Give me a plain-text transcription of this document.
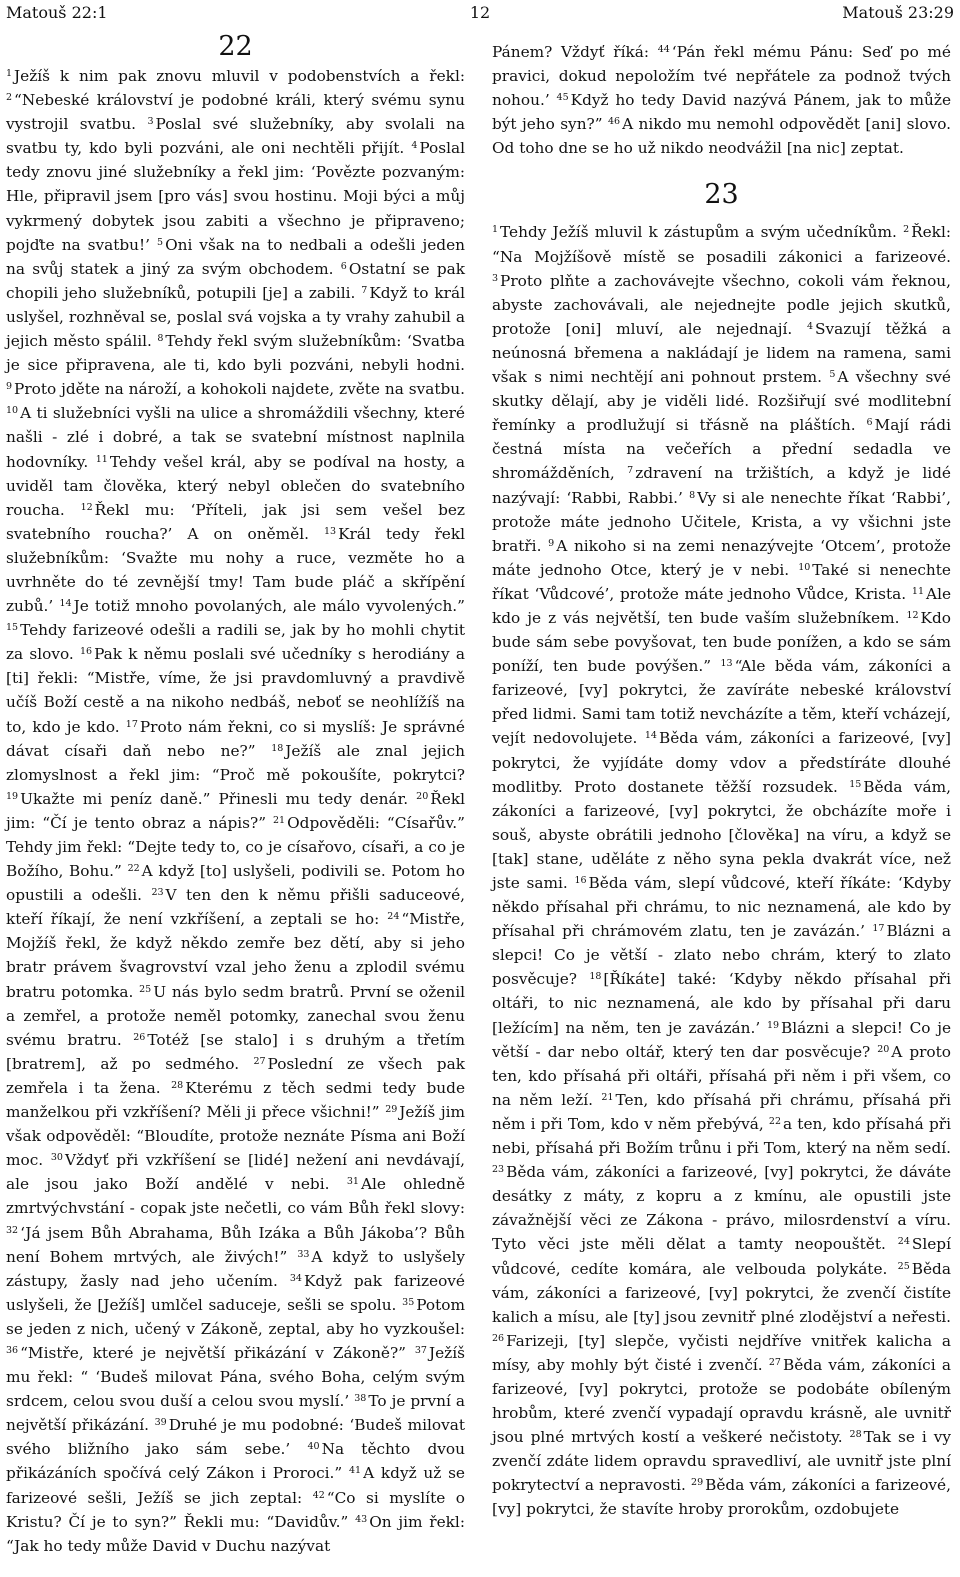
Matouš 22:1	12	Matouš 23:29
22

$^1$ Ježíš k nim pak znovu mluvil v podobenstvích a řekl: $^2$ “Nebeské království je podobné králi, který svému synu vystrojil svatbu. $^3$ Poslal své služebníky, aby svolali na svatbu ty, kdo byli pozváni, ale oni nechtěli přijít. $^4$ Poslal tedy znovu jiné služebníky a řekl jim: ‘Povězte pozvaným: Hle, připravil jsem [pro vás] svou hostinu. Moji býci a můj vykrmený dobytek jsou zabiti a všechno je připraveno; pojďte na svatbu!’ $^5$ Oni však na to nedbali a odešli jeden na svůj statek a jiný za svým obchodem. $^6$ Ostatní se pak chopili jeho služebníků, potupili [je] a zabili. $^7$ Když to král uslyšel, rozhněval se, poslal svá vojska a ty vrahy zahubil a jejich město spálil. $^8$ Tehdy řekl svým služebníkům: ‘Svatba je sice připravena, ale ti, kdo byli pozváni, nebyli hodni. $^9$ Proto jděte na nároží, a kohokoli najdete, zvěte na svatbu. $^{10}$ A ti služebníci vyšli na ulice a shromáždili všechny, které našli - zlé i dobré, a tak se svatební místnost naplnila hodovníky. $^{11}$ Tehdy vešel král, aby se podíval na hosty, a uviděl tam člověka, který nebyl oblečen do svatebního roucha. $^{12}$ Řekl mu: ‘Příteli, jak jsi sem vešel bez svatebního roucha?’ A on oněměl. $^{13}$ Král tedy řekl služebníkům: ‘Svažte mu nohy a ruce, vezměte ho a uvrhněte do té zevnější tmy! Tam bude pláč a skřípění zubů.’ $^{14}$ Je totiž mnoho povolaných, ale málo vyvolených.” $^{15}$ Tehdy farizeové odešli a radili se, jak by ho mohli chytit za slovo. $^{16}$ Pak k němu poslali své učedníky s herodiány a [ti] řekli: “Mistře, víme, že jsi pravdomluvný a pravdivě učíš Boží cestě a na nikoho nedbáš, neboť se neohlížíš na to, kdo je kdo. $^{17}$ Proto nám řekni, co si myslíš: Je správné dávat císaři daň nebo ne?” $^{18}$ Ježíš ale znal jejich zlomyslnost a řekl jim: “Proč mě pokoušíte, pokrytci? $^{19}$ Ukažte mi peníz daně.” Přinesli mu tedy denár. $^{20}$ Řekl jim: “Čí je tento obraz a nápis?” $^{21}$ Odpověděli: “Císařův.” Tehdy jim řekl: “Dejte tedy to, co je císařovo, císaři, a co je Božího, Bohu.” $^{22}$ A když [to] uslyšeli, podivili se. Potom ho opustili a odešli. $^{23}$ V ten den k němu přišli saduceové, kteří říkají, že není vzkříšení, a zeptali se ho: $^{24}$ “Mistře, Mojžíš řekl, že když někdo zemře bez dětí, aby si jeho bratr právem švagrovství vzal jeho ženu a zplodil svému bratru potomka. $^{25}$ U nás bylo sedm bratrů. První se oženil a zemřel, a protože neměl potomky, zanechal svou ženu svému bratru. $^{26}$ Totéž [se stalo] i s druhým a třetím [bratrem], až po sedmého. $^{27}$ Poslední ze všech pak zemřela i ta žena. $^{28}$ Kterému z těch sedmi tedy bude manželkou při vzkříšení? Měli ji přece všichni!” $^{29}$ Ježíš jim však odpověděl: “Bloudíte, protože neznáte Písma ani Boží moc. $^{30}$ Vždyť při vzkříšení se [lidé] nežení ani nevdávají, ale jsou jako Boží andělé v nebi. $^{31}$ Ale ohledně zmrtvýchvstání - copak jste nečetli, co vám Bůh řekl slovy: $^{32}$ ‘Já jsem Bůh Abrahama, Bůh Izáka a Bůh Jákoba’? Bůh není Bohem mrtvých, ale živých!” $^{33}$ A když to uslyšely zástupy, žasly nad jeho učením. $^{34}$ Když pak farizeové uslyšeli, že [Ježíš] umlčel saduceje, sešli se spolu. $^{35}$ Potom se jeden z nich, učený v Zákoně, zeptal, aby ho vyzkoušel: $^{36}$ “Mistře, které je největší přikázání v Zákoně?” $^{37}$ Ježíš mu řekl: “ ‘Budeš milovat Pána, svého Boha, celým svým srdcem, celou svou duší a celou svou myslí.’ $^{38}$ To je první a největší přikázání. $^{39}$ Druhé je mu podobné: ‘Budeš milovat svého bližního jako sám sebe.’ $^{40}$ Na těchto dvou přikázáních spočívá celý Zákon i Proroci.” $^{41}$ A když už se farizeové sešli, Ježíš se jich zeptal: $^{42}$ “Co si myslíte o Kristu? Čí je to syn?” Řekli mu: “Davidův.” $^{43}$ On jim řekl: “Jak ho tedy může David v Duchu nazývat

Pánem? Vždyť říká: $^{44}$ ‘Pán řekl mému Pánu: Seď po mé pravici, dokud nepoložím tvé nepřátele za podnož tvých nohou.’ $^{45}$ Když ho tedy David nazývá Pánem, jak to může být jeho syn?” $^{46}$ A nikdo mu nemohl odpovědět [ani] slovo. Od toho dne se ho už nikdo neodvážil [na nic] zeptat.

23

$^1$ Tehdy Ježíš mluvil k zástupům a svým učedníkům. $^2$ Řekl: “Na Mojžíšově místě se posadili zákonici a farizeové. $^3$ Proto plňte a zachovávejte všechno, cokoli vám řeknou, abyste zachovávali, ale nejednejte podle jejich skutků, protože [oni] mluví, ale nejednají. $^4$ Svazují těžká a neúnosná břemena a nakládají je lidem na ramena, sami však s nimi nechtějí ani pohnout prstem. $^5$ A všechny své skutky dělají, aby je viděli lidé. Rozšiřují své modlitební řemínky a prodlužují si třásně na pláštích. $^6$ Mají rádi čestná místa na večeřích a přední sedadla ve shromážděních, $^7$ zdravení na tržištích, a když je lidé nazývají: ‘Rabbi, Rabbi.’ $^8$ Vy si ale nenechte říkat ‘Rabbi’, protože máte jednoho Učitele, Krista, a vy všichni jste bratři. $^9$ A nikoho si na zemi nenazývejte ‘Otcem’, protože máte jednoho Otce, který je v nebi. $^{10}$ Také si nenechte říkat ‘Vůdcové’, protože máte jednoho Vůdce, Krista. $^{11}$ Ale kdo je z vás největší, ten bude vaším služebníkem. $^{12}$ Kdo bude sám sebe povyšovat, ten bude ponížen, a kdo se sám poníží, ten bude povýšen.” $^{13}$ “Ale běda vám, zákoníci a farizeové, [vy] pokrytci, že zavíráte nebeské království před lidmi. Sami tam totiž nevcházíte a těm, kteří vcházejí, vejít nedovolujete. $^{14}$ Běda vám, zákoníci a farizeové, [vy] pokrytci, že vyjídáte domy vdov a předstíráte dlouhé modlitby. Proto dostanete těžší rozsudek. $^{15}$ Běda vám, zákoníci a farizeové, [vy] pokrytci, že obcházíte moře i souš, abyste obrátili jednoho [člověka] na víru, a když se [tak] stane, uděláte z něho syna pekla dvakrát více, než jste sami. $^{16}$ Běda vám, slepí vůdcové, kteří říkáte: ‘Kdyby někdo přísahal při chrámu, to nic neznamená, ale kdo by přísahal při chrámovém zlatu, ten je zavázán.’ $^{17}$ Blázni a slepci! Co je větší - zlato nebo chrám, který to zlato posvěcuje? $^{18}$ [Říkáte] také: ‘Kdyby někdo přísahal při oltáři, to nic neznamená, ale kdo by přísahal při daru [ležícím] na něm, ten je zavázán.’ $^{19}$ Blázni a slepci! Co je větší - dar nebo oltář, který ten dar posvěcuje? $^{20}$ A proto ten, kdo přísahá při oltáři, přísahá při něm i při všem, co na něm leží. $^{21}$ Ten, kdo přísahá při chrámu, přísahá při něm i při Tom, kdo v něm přebývá, $^{22}$ a ten, kdo přísahá při nebi, přísahá při Božím trůnu i při Tom, který na něm sedí. $^{23}$ Běda vám, zákoníci a farizeové, [vy] pokrytci, že dáváte desátky z máty, z kopru a z kmínu, ale opustili jste závažnější věci ze Zákona - právo, milosrdenství a víru. Tyto věci jste měli dělat a tamty neopouštět. $^{24}$ Slepí vůdcové, cedíte komára, ale velbouda polykáte. $^{25}$ Běda vám, zákoníci a farizeové, [vy] pokrytci, že zvenčí čistíte kalich a mísu, ale [ty] jsou zevnitř plné zlodějství a neřesti. $^{26}$ Farizeji, [ty] slepče, vyčisti nejdříve vnitřek kalicha a mísy, aby mohly být čisté i zvenčí. $^{27}$ Běda vám, zákoníci a farizeové, [vy] pokrytci, protože se podobáte obíleným hrobům, které zvenčí vypadají opravdu krásně, ale uvnitř jsou plné mrtvých kostí a veškeré nečistoty. $^{28}$ Tak se i vy zvenčí zdáte lidem opravdu spravedliví, ale uvnitř jste plní pokrytectví a nepravosti. $^{29}$ Běda vám, zákoníci a farizeové, [vy] pokrytci, že stavíte hroby prorokům, ozdobujete
